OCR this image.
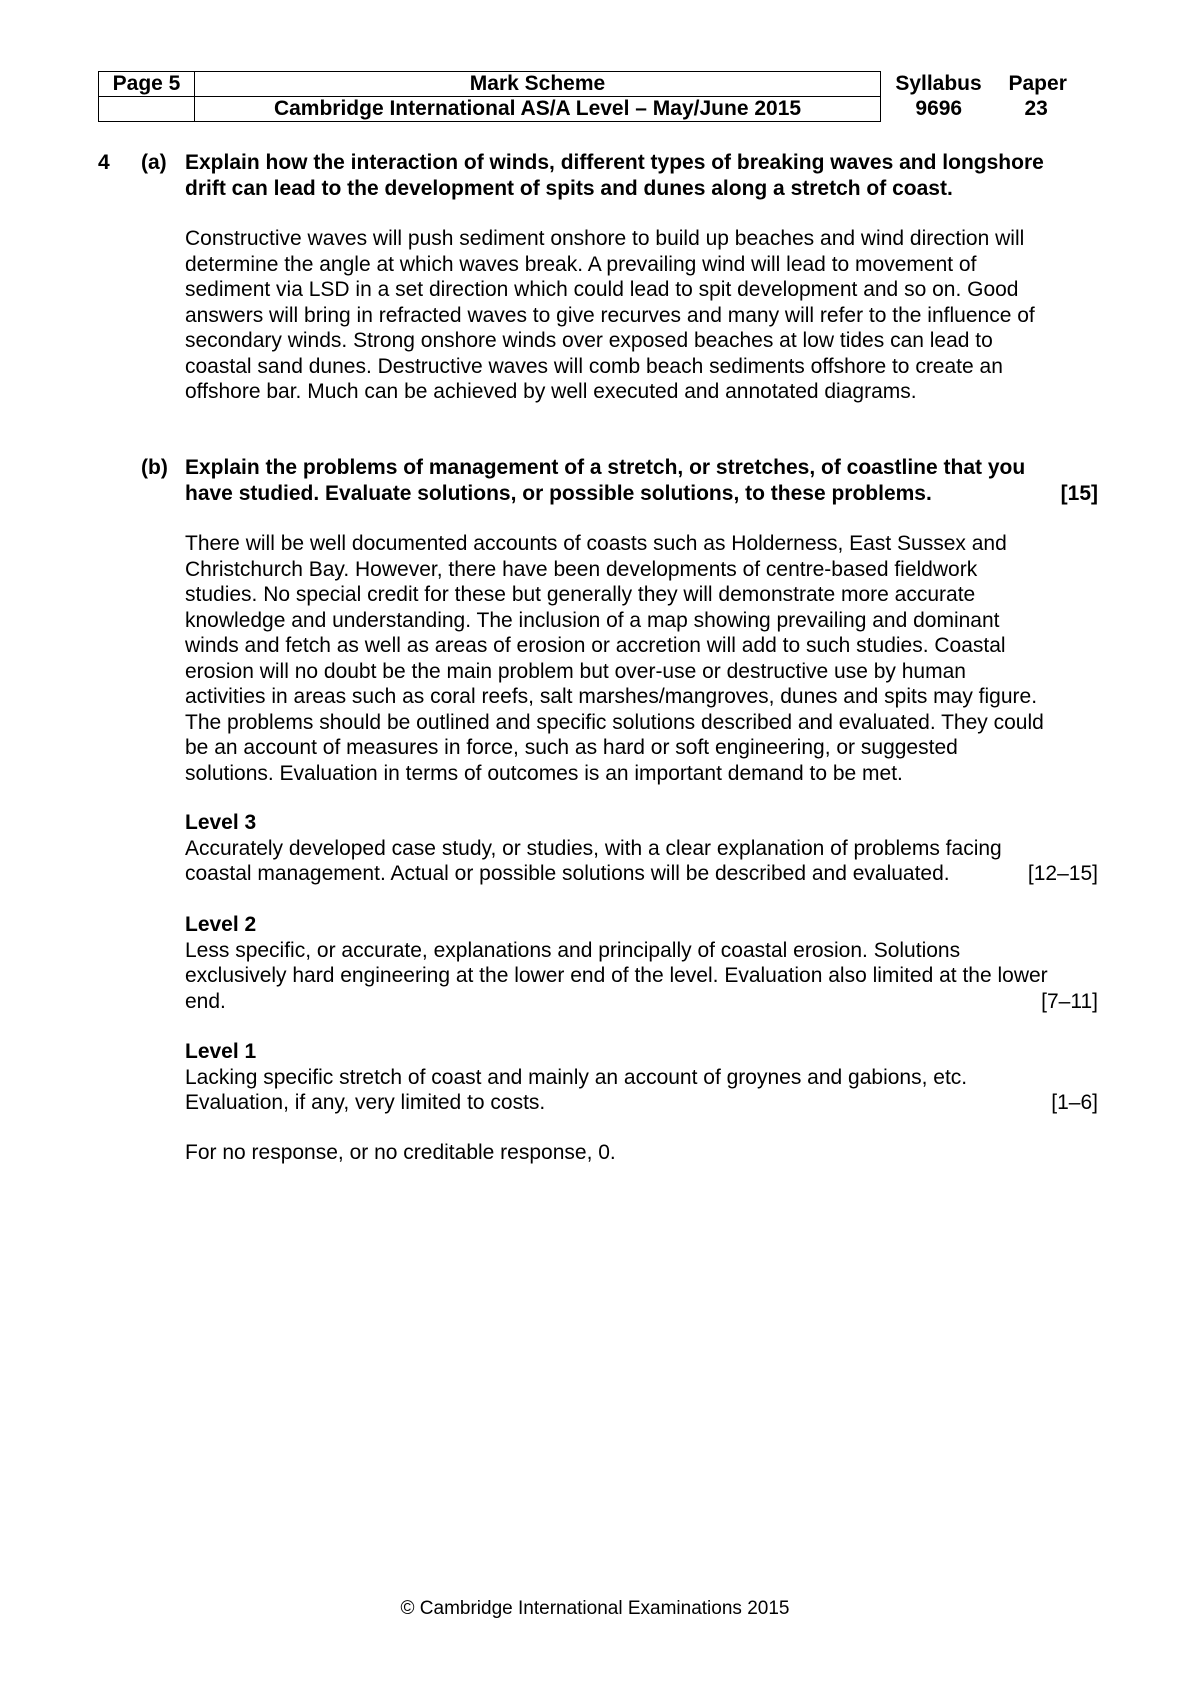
Page 5	Mark Scheme	Syllabus	Paper
	Cambridge International AS/A Level – May/June 2015	9696	23
4 (a) Explain how the interaction of winds, different types of breaking waves and longshore
drift can lead to the development of spits and dunes along a stretch of coast.
Constructive waves will push sediment onshore to build up beaches and wind direction will
determine the angle at which waves break. A prevailing wind will lead to movement of
sediment via LSD in a set direction which could lead to spit development and so on. Good
answers will bring in refracted waves to give recurves and many will refer to the influence of
secondary winds. Strong onshore winds over exposed beaches at low tides can lead to
coastal sand dunes. Destructive waves will comb beach sediments offshore to create an
offshore bar. Much can be achieved by well executed and annotated diagrams.
(b) Explain the problems of management of a stretch, or stretches, of coastline that you
have studied. Evaluate solutions, or possible solutions, to these problems.	[15]
There will be well documented accounts of coasts such as Holderness, East Sussex and
Christchurch Bay. However, there have been developments of centre-based fieldwork
studies. No special credit for these but generally they will demonstrate more accurate
knowledge and understanding. The inclusion of a map showing prevailing and dominant
winds and fetch as well as areas of erosion or accretion will add to such studies. Coastal
erosion will no doubt be the main problem but over-use or destructive use by human
activities in areas such as coral reefs, salt marshes/mangroves, dunes and spits may figure.
The problems should be outlined and specific solutions described and evaluated. They could
be an account of measures in force, such as hard or soft engineering, or suggested
solutions. Evaluation in terms of outcomes is an important demand to be met.
Level 3
Accurately developed case study, or studies, with a clear explanation of problems facing
coastal management. Actual or possible solutions will be described and evaluated.	[12–15]
Level 2
Less specific, or accurate, explanations and principally of coastal erosion. Solutions
exclusively hard engineering at the lower end of the level. Evaluation also limited at the lower
end.	[7–11]
Level 1
Lacking specific stretch of coast and mainly an account of groynes and gabions, etc.
Evaluation, if any, very limited to costs.	[1–6]
For no response, or no creditable response, 0.
© Cambridge International Examinations 2015
